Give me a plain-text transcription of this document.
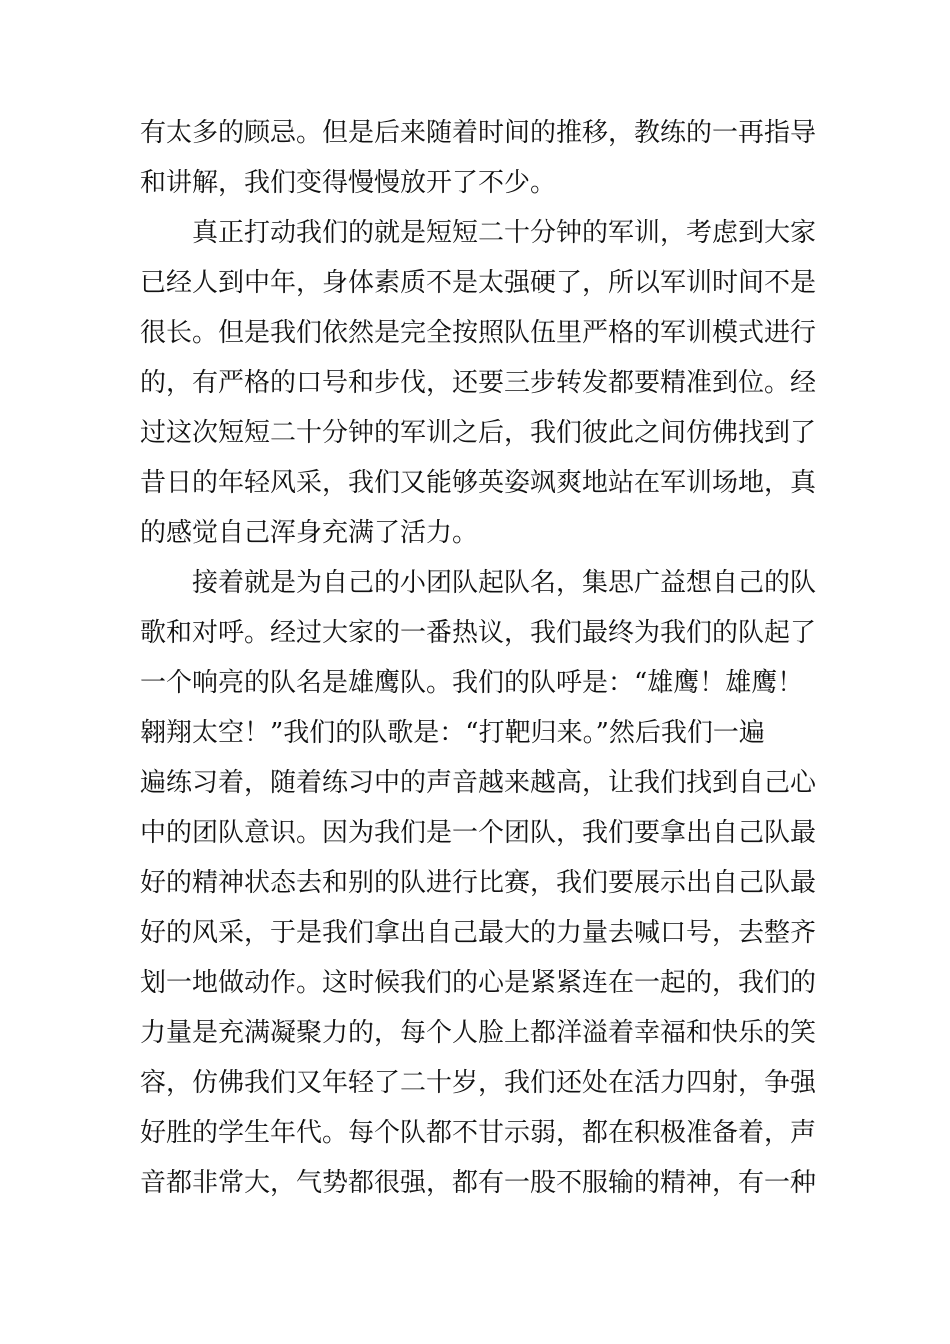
有太多的顾忌。但是后来随着时间的推移，教练的一再指导
和讲解，我们变得慢慢放开了不少。
真正打动我们的就是短短二十分钟的军训，考虑到大家
已经人到中年，身体素质不是太强硬了，所以军训时间不是
很长。但是我们依然是完全按照队伍里严格的军训模式进行
的，有严格的口号和步伐，还要三步转发都要精准到位。经
过这次短短二十分钟的军训之后，我们彼此之间仿佛找到了
昔日的年轻风采，我们又能够英姿飒爽地站在军训场地，真
的感觉自己浑身充满了活力。
接着就是为自己的小团队起队名，集思广益想自己的队
歌和对呼。经过大家的一番热议，我们最终为我们的队起了
一个响亮的队名是雄鹰队。我们的队呼是：“雄鹰！雄鹰！
翱翔太空！”我们的队歌是：“打靶归来。”然后我们一遍
遍练习着，随着练习中的声音越来越高，让我们找到自己心
中的团队意识。因为我们是一个团队，我们要拿出自己队最
好的精神状态去和别的队进行比赛，我们要展示出自己队最
好的风采，于是我们拿出自己最大的力量去喊口号，去整齐
划一地做动作。这时候我们的心是紧紧连在一起的，我们的
力量是充满凝聚力的，每个人脸上都洋溢着幸福和快乐的笑
容，仿佛我们又年轻了二十岁，我们还处在活力四射，争强
好胜的学生年代。每个队都不甘示弱，都在积极准备着，声
音都非常大，气势都很强，都有一股不服输的精神，有一种
